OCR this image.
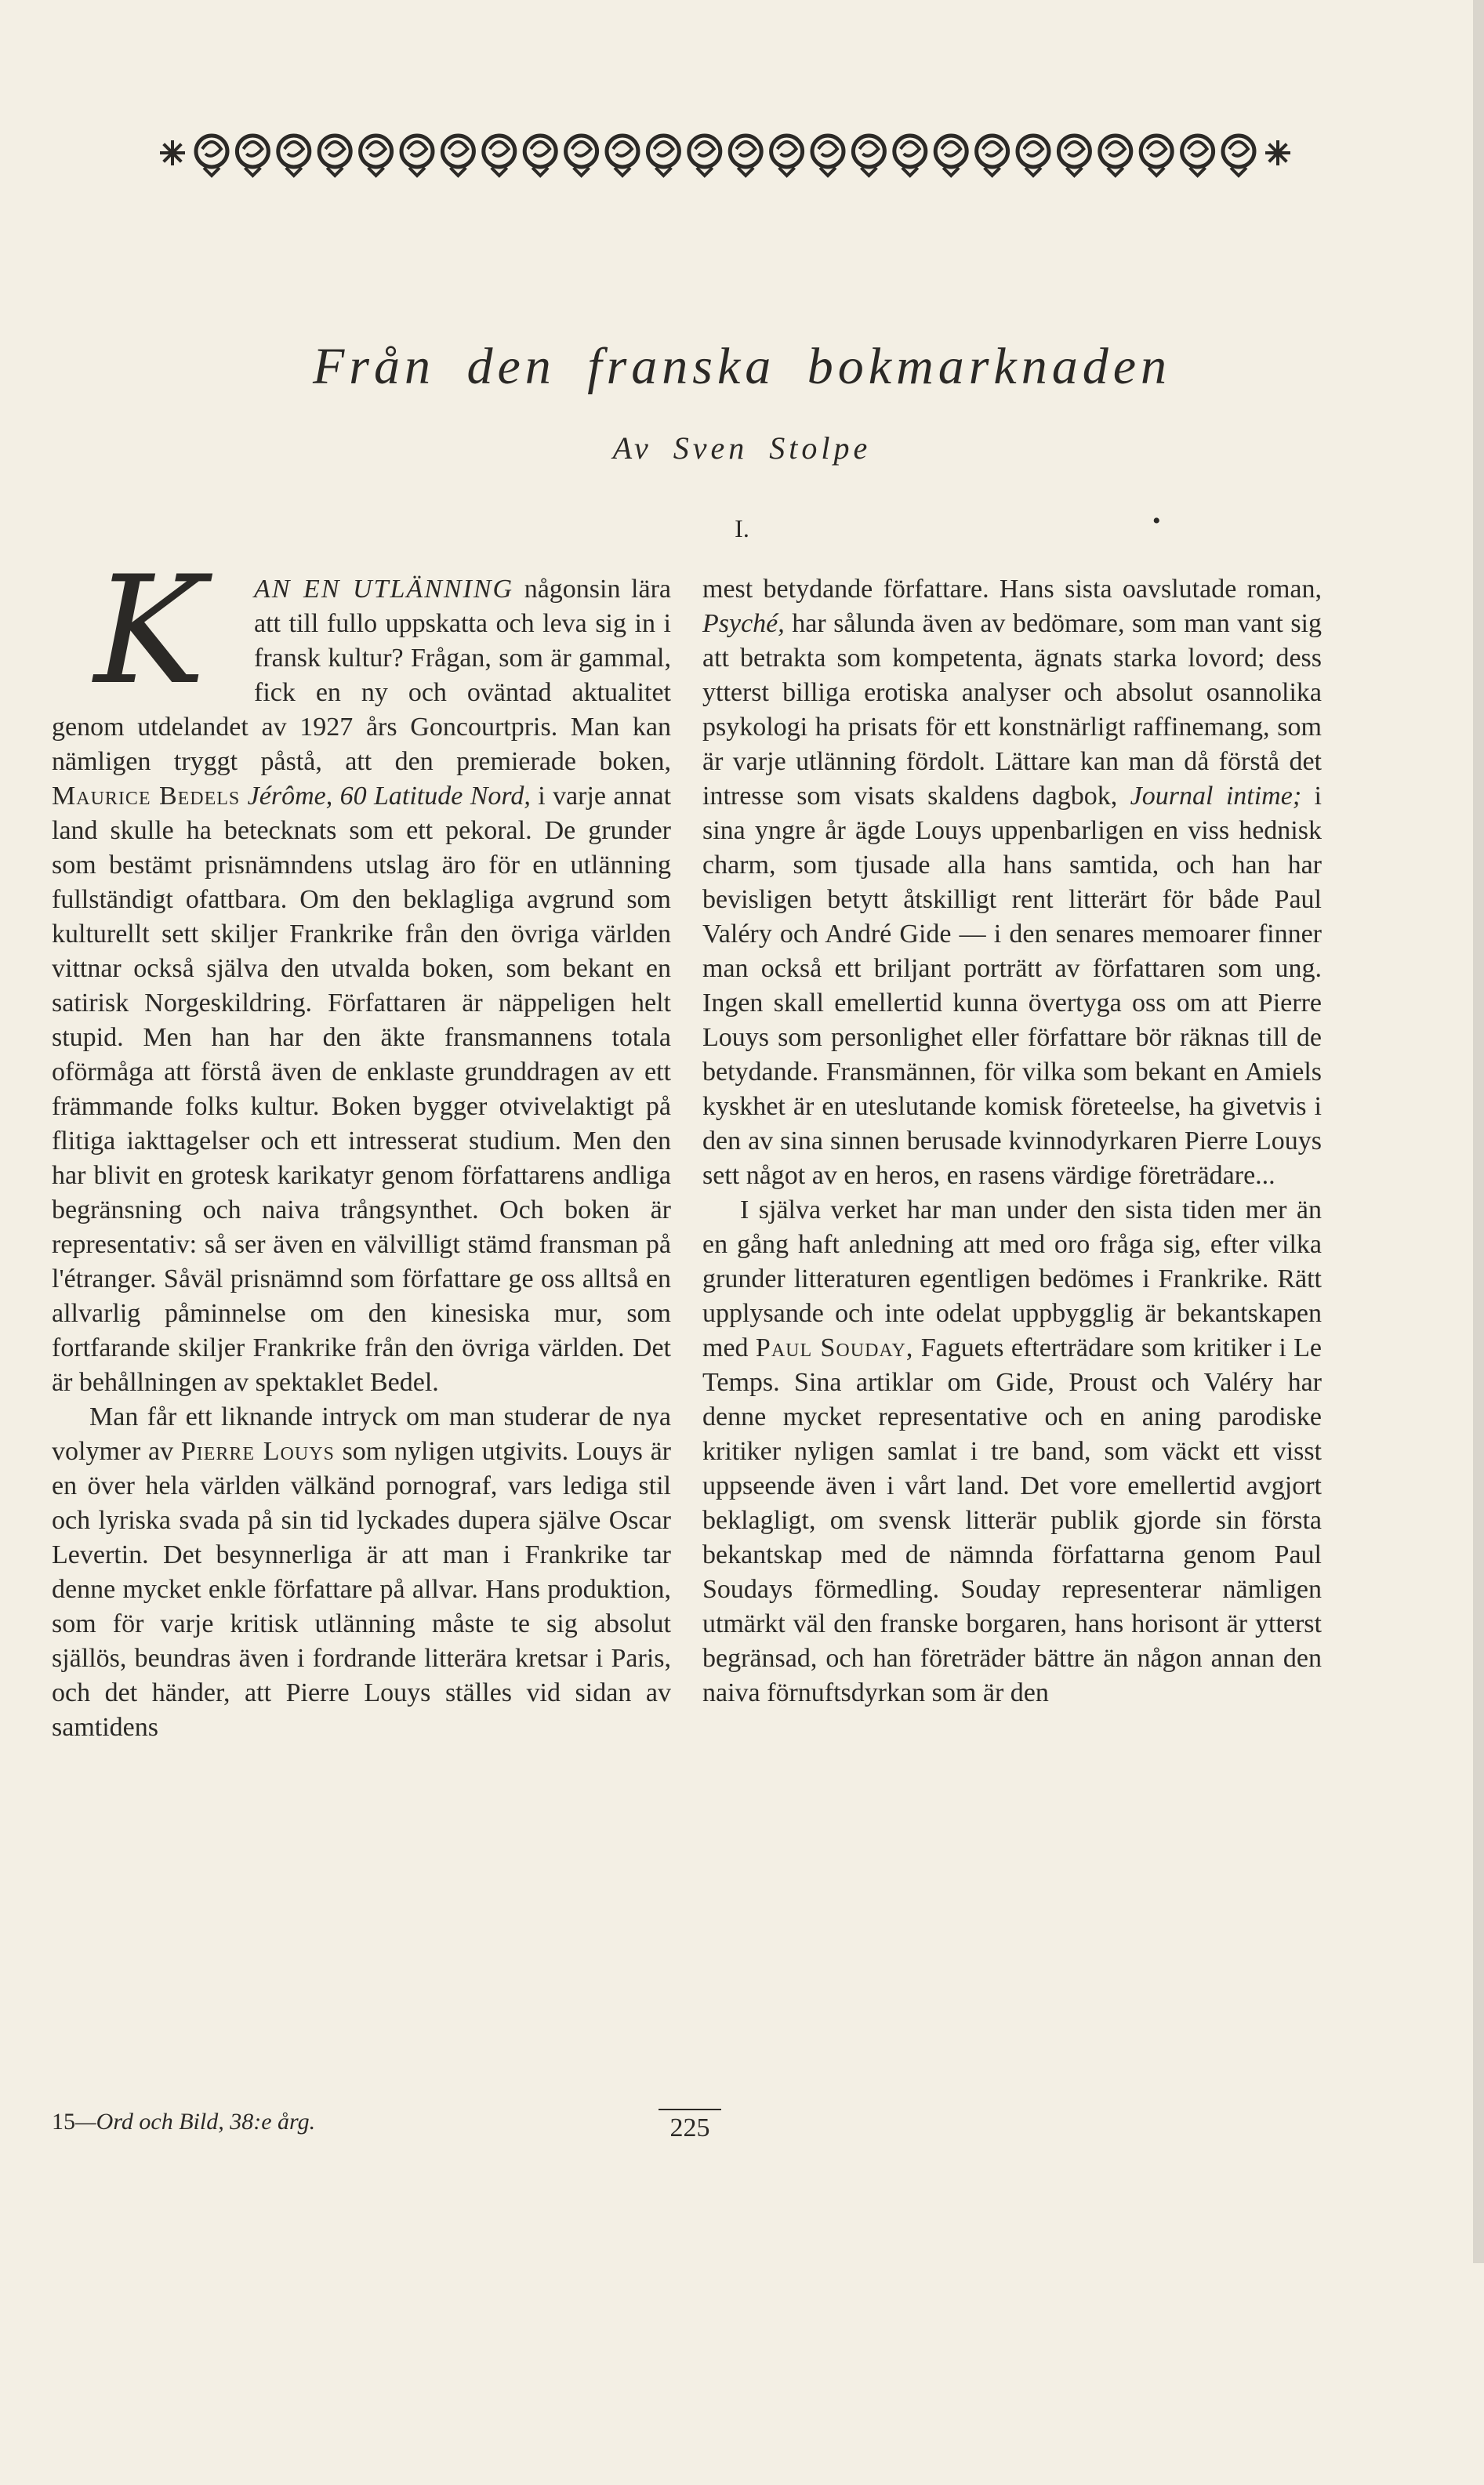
Från den franska bokmarknaden
Av Sven Stolpe
I.	•

K	AN EN UTLÄNNING någonsin lära att till fullo uppskatta och leva sig in i fransk kultur? Frågan, som är gammal, fick en ny och oväntad aktualitet genom utdelandet av 1927 års Goncourtpris. Man kan nämligen tryggt påstå, att den premierade boken, Maurice Bedels Jérôme, 60 Latitude Nord, i varje annat land skulle ha betecknats som ett pekoral. De grunder som bestämt prisnämndens utslag äro för en utlänning fullständigt ofattbara. Om den beklagliga avgrund som kulturellt sett skiljer Frankrike från den övriga världen vittnar också själva den utvalda boken, som bekant en satirisk Norgeskildring. Författaren är näppeligen helt stupid. Men han har den äkte fransmannens totala oförmåga att förstå även de enklaste grunddragen av ett främmande folks kultur. Boken bygger otvivelaktigt på flitiga iakttagelser och ett intresserat studium. Men den har blivit en grotesk karikatyr genom författarens andliga begränsning och naiva trångsynthet. Och boken är representativ: så ser även en välvilligt stämd fransman på l'étranger. Såväl prisnämnd som författare ge oss alltså en allvarlig påminnelse om den kinesiska mur, som fortfarande skiljer Frankrike från den övriga världen. Det är behållningen av spektaklet Bedel.

Man får ett liknande intryck om man studerar de nya volymer av Pierre Louys som nyligen utgivits. Louys är en över hela världen välkänd pornograf, vars lediga stil och lyriska svada på sin tid lyckades dupera själve Oscar Levertin. Det besynnerliga är att man i Frankrike tar denne mycket enkle författare på allvar. Hans produktion, som för varje kritisk utlänning måste te sig absolut själlös, beundras även i fordrande litterära kretsar i Paris, och det händer, att Pierre Louys ställes vid sidan av samtidens

mest betydande författare. Hans sista oavslutade roman, Psyché, har sålunda även av bedömare, som man vant sig att betrakta som kompetenta, ägnats starka lovord; dess ytterst billiga erotiska analyser och absolut osannolika psykologi ha prisats för ett konstnärligt raffinemang, som är varje utlänning fördolt. Lättare kan man då förstå det intresse som visats skaldens dagbok, Journal intime; i sina yngre år ägde Louys uppenbarligen en viss hednisk charm, som tjusade alla hans samtida, och han har bevisligen betytt åtskilligt rent litterärt för både Paul Valéry och André Gide — i den senares memoarer finner man också ett briljant porträtt av författaren som ung. Ingen skall emellertid kunna övertyga oss om att Pierre Louys som personlighet eller författare bör räknas till de betydande. Fransmännen, för vilka som bekant en Amiels kyskhet är en uteslutande komisk företeelse, ha givetvis i den av sina sinnen berusade kvinnodyrkaren Pierre Louys sett något av en heros, en rasens värdige företrädare...

I själva verket har man under den sista tiden mer än en gång haft anledning att med oro fråga sig, efter vilka grunder litteraturen egentligen bedömes i Frankrike. Rätt upplysande och inte odelat uppbygglig är bekantskapen med Paul Souday, Faguets efterträdare som kritiker i Le Temps. Sina artiklar om Gide, Proust och Valéry har denne mycket representative och en aning parodiske kritiker nyligen samlat i tre band, som väckt ett visst uppseende även i vårt land. Det vore emellertid avgjort beklagligt, om svensk litterär publik gjorde sin första bekantskap med de nämnda författarna genom Paul Soudays förmedling. Souday representerar nämligen utmärkt väl den franske borgaren, hans horisont är ytterst begränsad, och han företräder bättre än någon annan den naiva förnuftsdyrkan som är den

15—Ord och Bild, 38:e årg.	225
